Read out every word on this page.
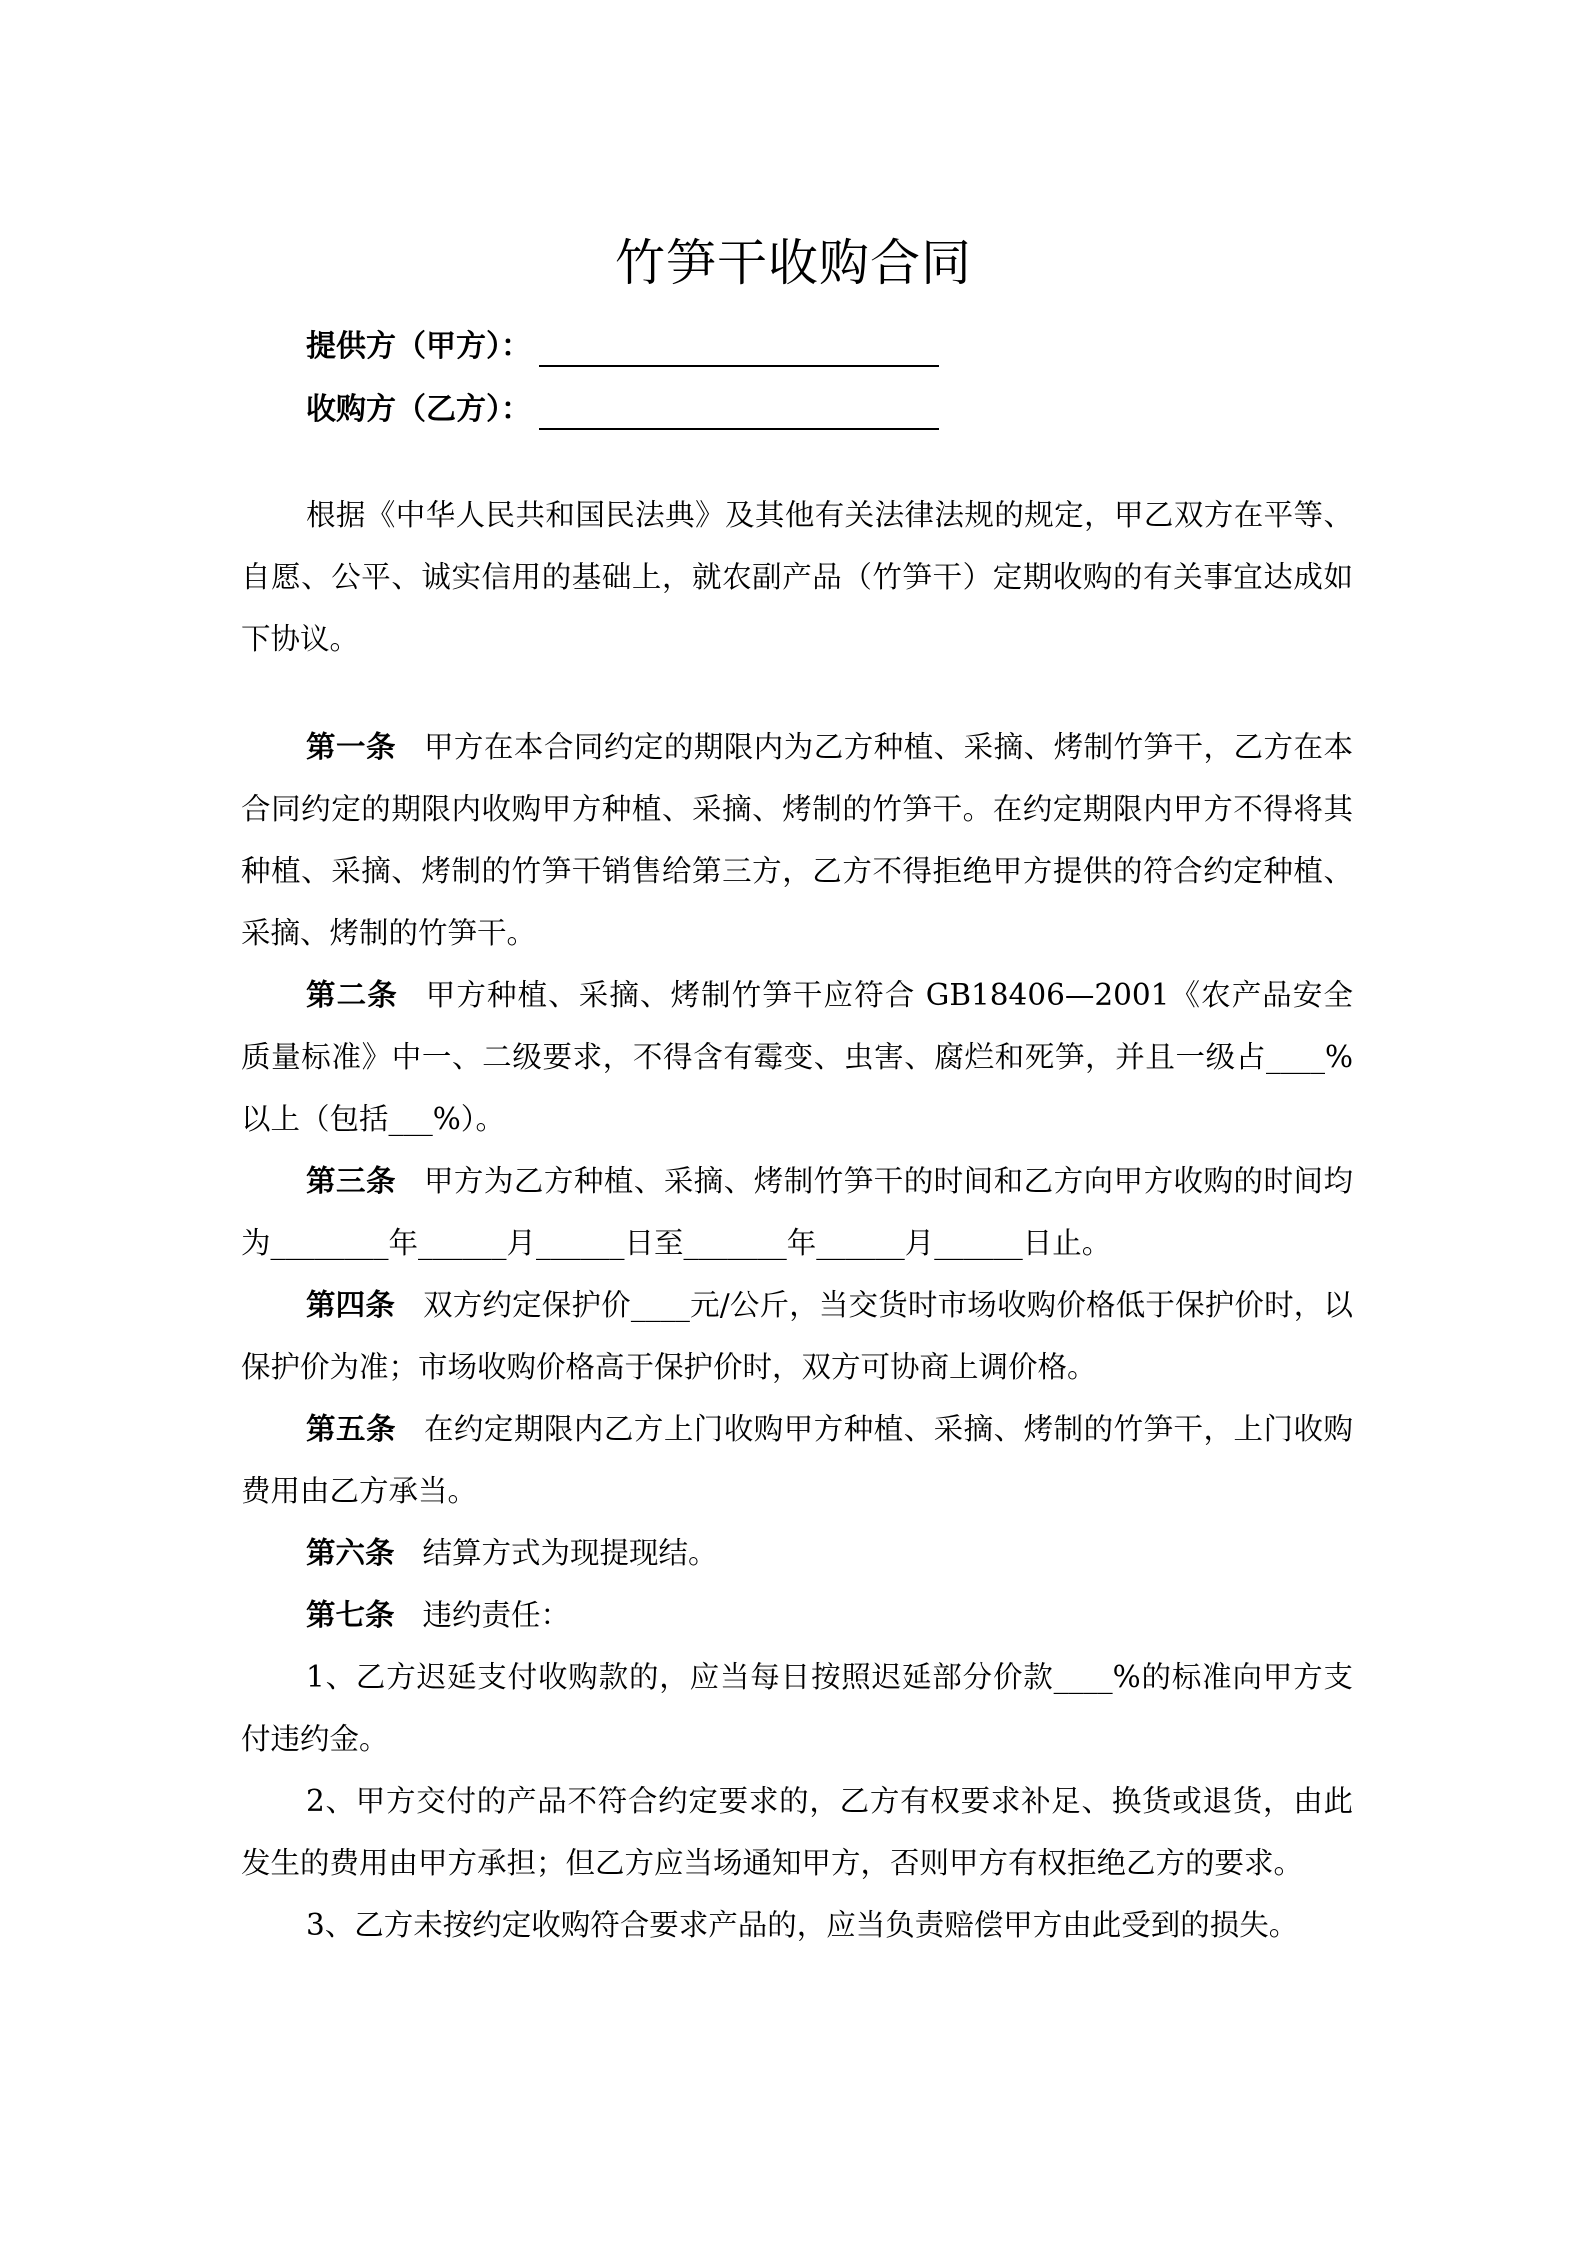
竹笋干收购合同
提供方（甲方）：
收购方（乙方）：

根据《中华人民共和国民法典》及其他有关法律法规的规定，甲乙双方在平等、自愿、公平、诚实信用的基础上，就农副产品（竹笋干）定期收购的有关事宜达成如下协议。

第一条 甲方在本合同约定的期限内为乙方种植、采摘、烤制竹笋干，乙方在本合同约定的期限内收购甲方种植、采摘、烤制的竹笋干。在约定期限内甲方不得将其种植、采摘、烤制的竹笋干销售给第三方，乙方不得拒绝甲方提供的符合约定种植、采摘、烤制的竹笋干。

第二条 甲方种植、采摘、烤制竹笋干应符合 GB18406—2001《农产品安全质量标准》中一、二级要求，不得含有霉变、虫害、腐烂和死笋，并且一级占____%以上（包括___%）。

第三条 甲方为乙方种植、采摘、烤制竹笋干的时间和乙方向甲方收购的时间均为________年______月______日至_______年______月______日止。

第四条 双方约定保护价____元/公斤，当交货时市场收购价格低于保护价时，以保护价为准；市场收购价格高于保护价时，双方可协商上调价格。

第五条 在约定期限内乙方上门收购甲方种植、采摘、烤制的竹笋干，上门收购费用由乙方承当。

第六条 结算方式为现提现结。

第七条 违约责任：

1、乙方迟延支付收购款的，应当每日按照迟延部分价款____%的标准向甲方支付违约金。

2、甲方交付的产品不符合约定要求的，乙方有权要求补足、换货或退货，由此发生的费用由甲方承担；但乙方应当场通知甲方，否则甲方有权拒绝乙方的要求。

3、乙方未按约定收购符合要求产品的，应当负责赔偿甲方由此受到的损失。
